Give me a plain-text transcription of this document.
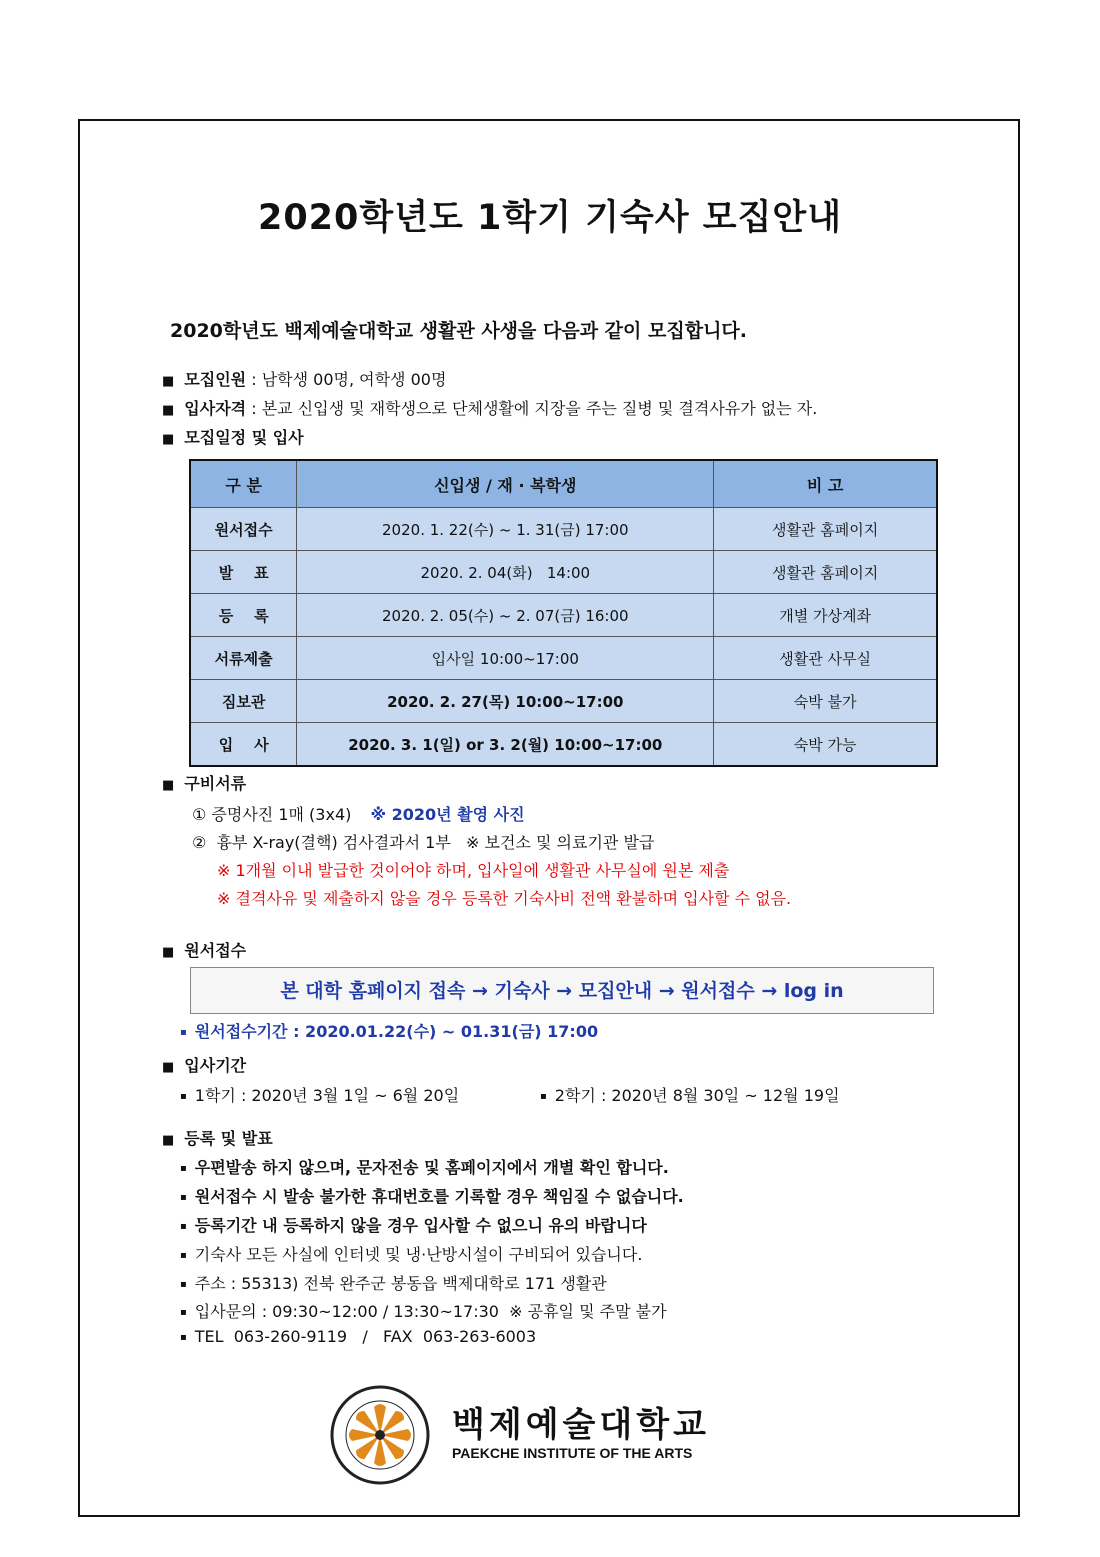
2020학년도 1학기 기숙사 모집안내
2020학년도 백제예술대학교 생활관 사생을 다음과 같이 모집합니다.
■ 모집인원 : 남학생 00명, 여학생 00명
■ 입사자격 : 본교 신입생 및 재학생으로 단체생활에 지장을 주는 질병 및 결격사유가 없는 자.
■ 모집일정 및 입사
구 분	신입생 / 재 · 복학생	비 고
원서접수	2020. 1. 22(수) ~ 1. 31(금) 17:00	생활관 홈페이지
발    표	2020. 2. 04(화)   14:00	생활관 홈페이지
등    록	2020. 2. 05(수) ~ 2. 07(금) 16:00	개별 가상계좌
서류제출	입사일 10:00~17:00	생활관 사무실
짐보관	2020. 2. 27(목) 10:00~17:00	숙박 불가
입    사	2020. 3. 1(일) or 3. 2(월) 10:00~17:00	숙박 가능
■ 구비서류
① 증명사진 1매 (3x4) ※ 2020년 촬영 사진
②  흉부 X-ray(결핵) 검사결과서 1부   ※ 보건소 및 의료기관 발급
※ 1개월 이내 발급한 것이어야 하며, 입사일에 생활관 사무실에 원본 제출
※ 결격사유 및 제출하지 않을 경우 등록한 기숙사비 전액 환불하며 입사할 수 없음.
■ 원서접수
본 대학 홈페이지 접속 → 기숙사 → 모집안내 → 원서접수 → log in
▪ 원서접수기간 : 2020.01.22(수) ~ 01.31(금) 17:00
■ 입사기간
▪ 1학기 : 2020년 3월 1일 ~ 6월 20일	▪ 2학기 : 2020년 8월 30일 ~ 12월 19일
■ 등록 및 발표
▪ 우편발송 하지 않으며, 문자전송 및 홈페이지에서 개별 확인 합니다.
▪ 원서접수 시 발송 불가한 휴대번호를 기록할 경우 책임질 수 없습니다.
▪ 등록기간 내 등록하지 않을 경우 입사할 수 없으니 유의 바랍니다
▪ 기숙사 모든 사실에 인터넷 및 냉·난방시설이 구비되어 있습니다.
▪ 주소 : 55313) 전북 완주군 봉동읍 백제대학로 171 생활관
▪ 입사문의 : 09:30~12:00 / 13:30~17:30  ※ 공휴일 및 주말 불가
▪ TEL  063-260-9119   /   FAX  063-263-6003
백제예술대학교
PAEKCHE INSTITUTE OF THE ARTS
